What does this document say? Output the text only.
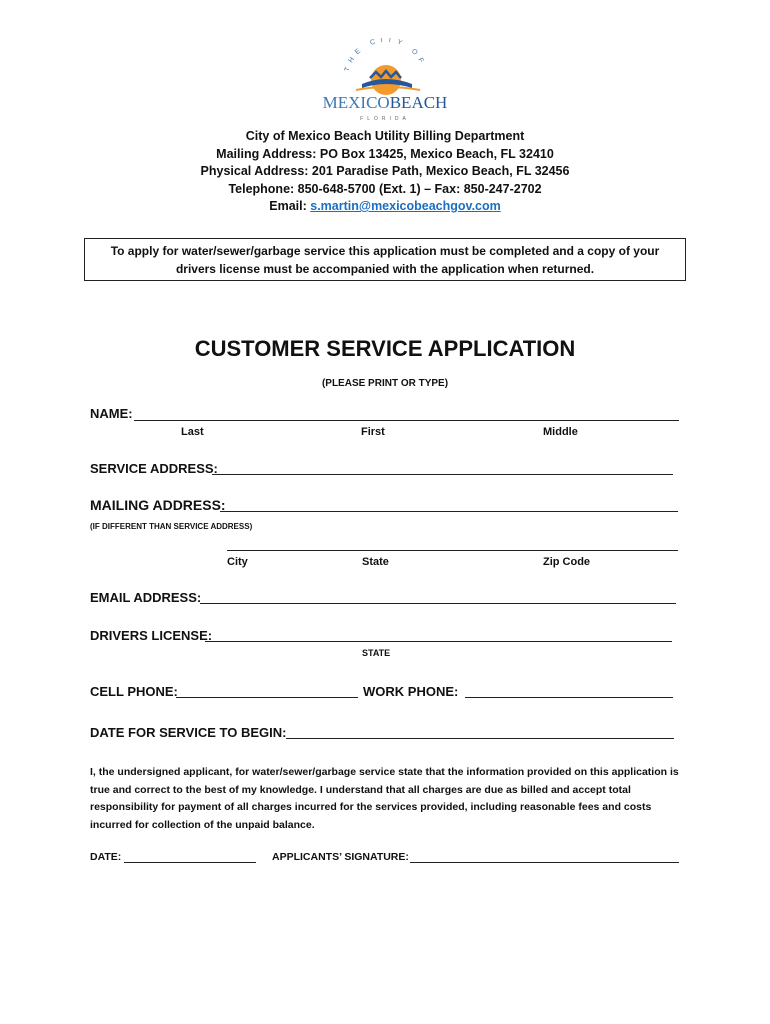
THE CITY OF
MEXICOBEACH
FLORIDA
City of Mexico Beach Utility Billing Department
Mailing Address: PO Box 13425, Mexico Beach, FL 32410
Physical Address: 201 Paradise Path, Mexico Beach, FL 32456
Telephone: 850-648-5700 (Ext. 1) – Fax: 850-247-2702
Email: s.martin@mexicobeachgov.com
To apply for water/sewer/garbage service this application must be completed and a copy of your
drivers license must be accompanied with the application when returned.
CUSTOMER SERVICE APPLICATION
(PLEASE PRINT OR TYPE)
NAME:
Last	First	Middle
SERVICE ADDRESS:
MAILING ADDRESS:
(IF DIFFERENT THAN SERVICE ADDRESS)
City	State	Zip Code
EMAIL ADDRESS:
DRIVERS LICENSE:
STATE
CELL PHONE:	WORK PHONE:
DATE FOR SERVICE TO BEGIN:
I, the undersigned applicant, for water/sewer/garbage service state that the information provided on this application is true and correct to the best of my knowledge. I understand that all charges are due as billed and accept total responsibility for payment of all charges incurred for the services provided, including reasonable fees and costs incurred for collection of the unpaid balance.
DATE:	APPLICANTS’ SIGNATURE:
